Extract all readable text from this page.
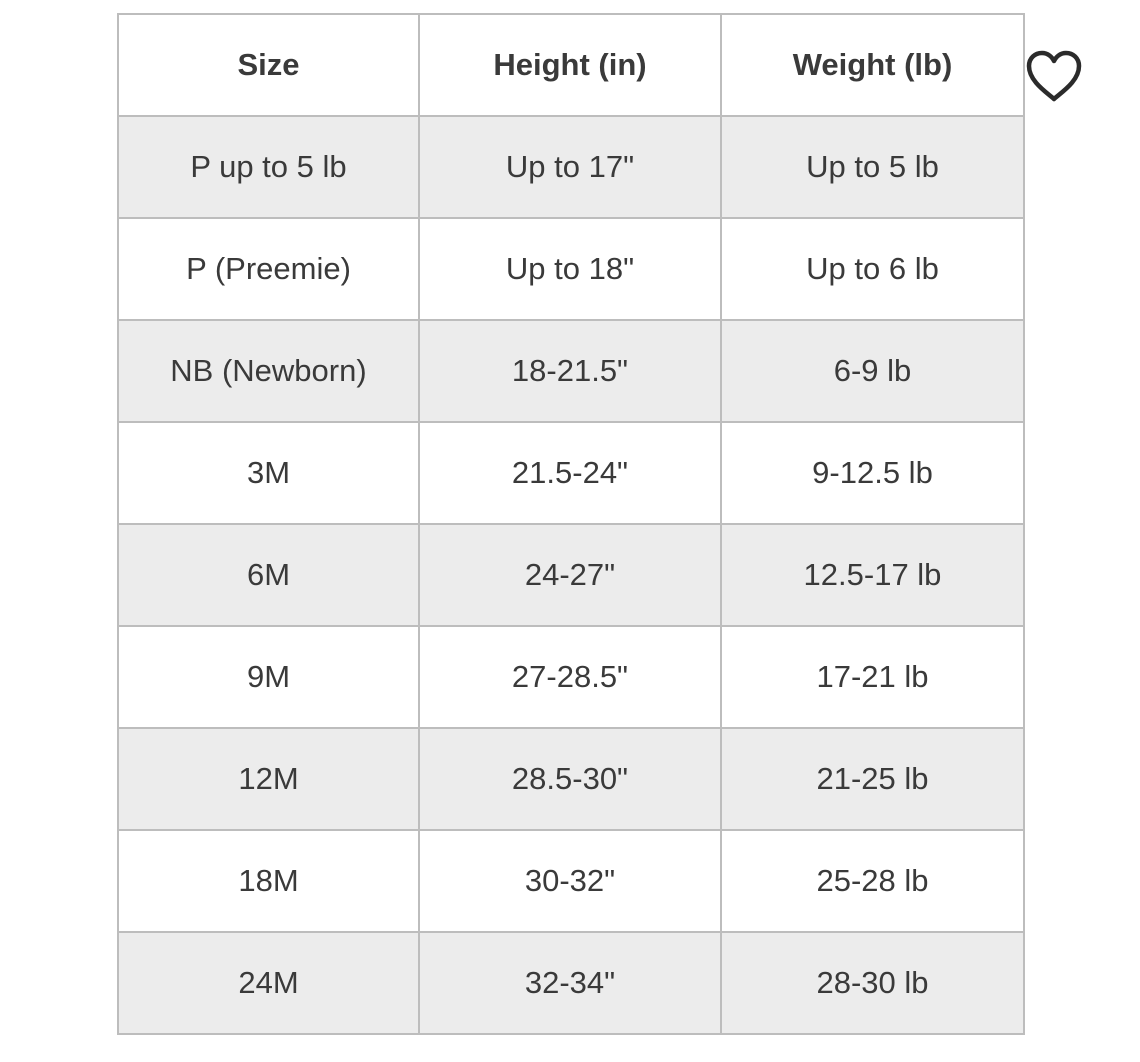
Size	Height (in)	Weight (lb)
P up to 5 lb	Up to 17"	Up to 5 lb
P (Preemie)	Up to 18"	Up to 6 lb
NB (Newborn)	18-21.5"	6-9 lb
3M	21.5-24"	9-12.5 lb
6M	24-27"	12.5-17 lb
9M	27-28.5"	17-21 lb
12M	28.5-30"	21-25 lb
18M	30-32"	25-28 lb
24M	32-34"	28-30 lb
